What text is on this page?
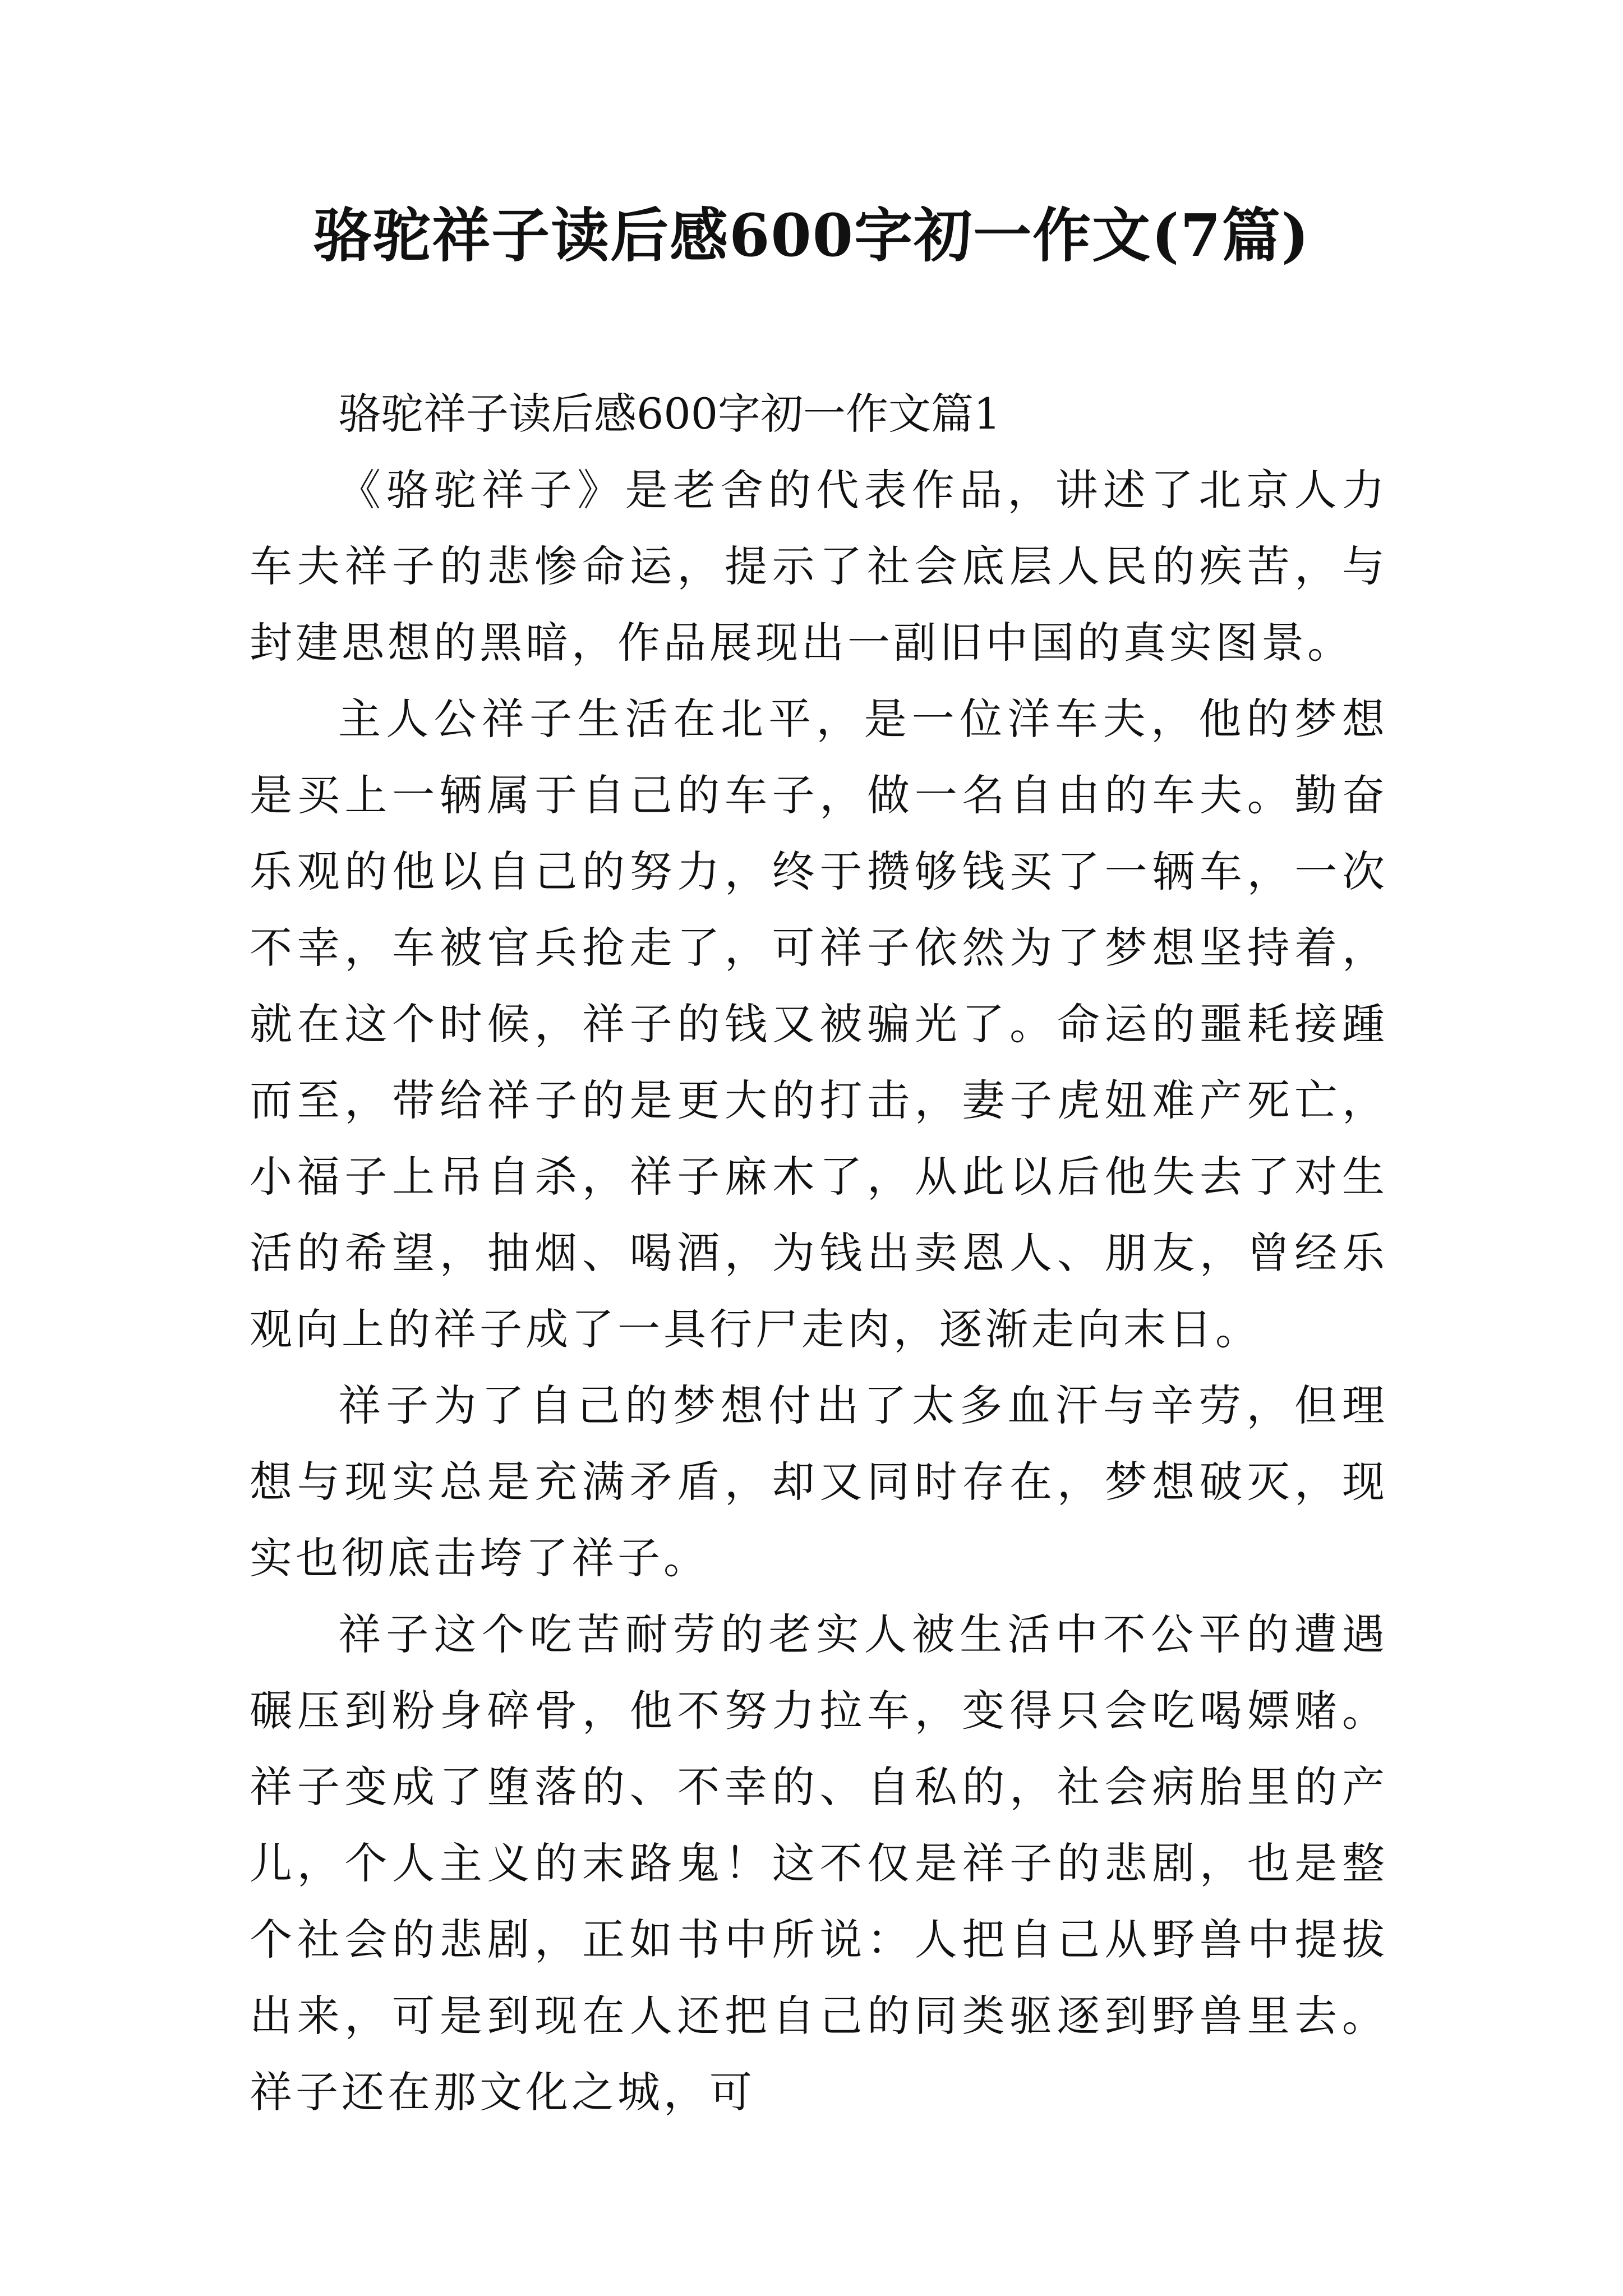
骆驼祥子读后感600字初一作文(7篇)

骆驼祥子读后感600字初一作文篇1

《骆驼祥子》是老舍的代表作品，讲述了北京人力车夫祥子的悲惨命运，提示了社会底层人民的疾苦，与封建思想的黑暗，作品展现出一副旧中国的真实图景。

主人公祥子生活在北平，是一位洋车夫，他的梦想是买上一辆属于自己的车子，做一名自由的车夫。勤奋乐观的他以自己的努力，终于攒够钱买了一辆车，一次不幸，车被官兵抢走了，可祥子依然为了梦想坚持着，就在这个时候，祥子的钱又被骗光了。命运的噩耗接踵而至，带给祥子的是更大的打击，妻子虎妞难产死亡，小福子上吊自杀，祥子麻木了，从此以后他失去了对生活的希望，抽烟、喝酒，为钱出卖恩人、朋友，曾经乐观向上的祥子成了一具行尸走肉，逐渐走向末日。

祥子为了自己的梦想付出了太多血汗与辛劳，但理想与现实总是充满矛盾，却又同时存在，梦想破灭，现实也彻底击垮了祥子。

祥子这个吃苦耐劳的老实人被生活中不公平的遭遇碾压到粉身碎骨，他不努力拉车，变得只会吃喝嫖赌。祥子变成了堕落的、不幸的、自私的，社会病胎里的产儿，个人主义的末路鬼！这不仅是祥子的悲剧，也是整个社会的悲剧，正如书中所说：人把自己从野兽中提拔出来，可是到现在人还把自己的同类驱逐到野兽里去。祥子还在那文化之城，可
